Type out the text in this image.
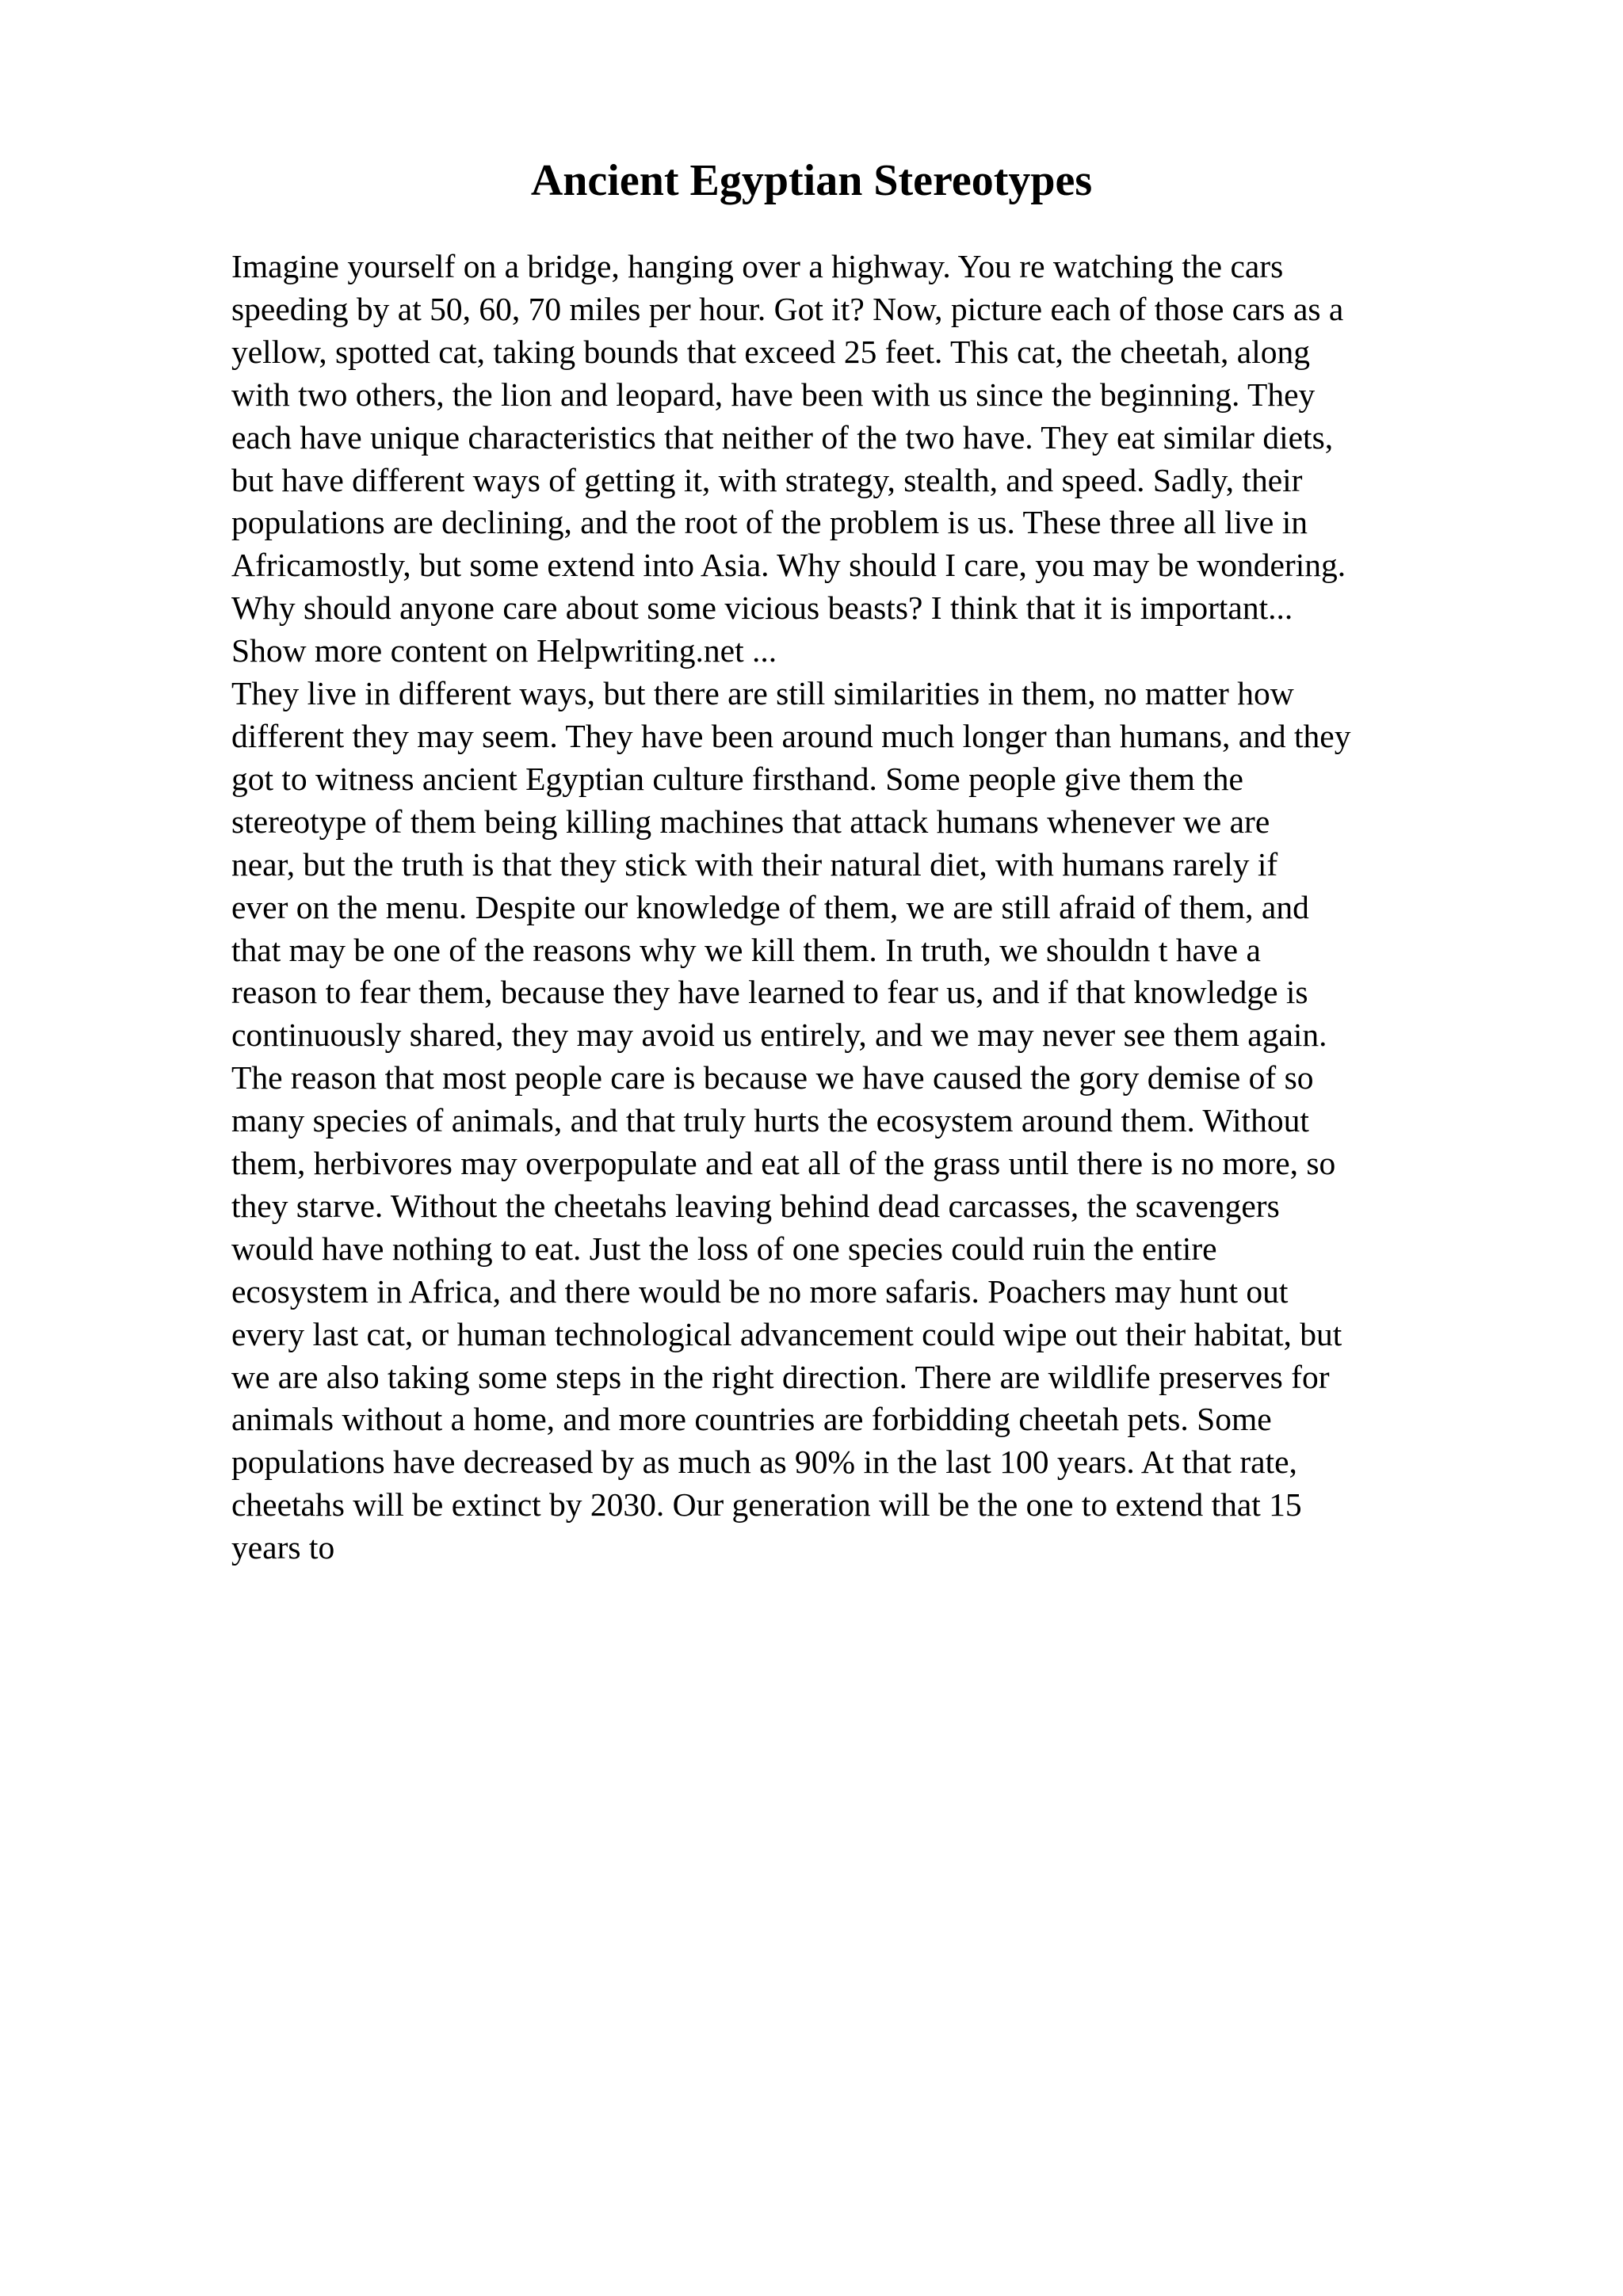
Ancient Egyptian Stereotypes
Imagine yourself on a bridge, hanging over a highway. You re watching the cars
speeding by at 50, 60, 70 miles per hour. Got it? Now, picture each of those cars as a
yellow, spotted cat, taking bounds that exceed 25 feet. This cat, the cheetah, along
with two others, the lion and leopard, have been with us since the beginning. They
each have unique characteristics that neither of the two have. They eat similar diets,
but have different ways of getting it, with strategy, stealth, and speed. Sadly, their
populations are declining, and the root of the problem is us. These three all live in
Africamostly, but some extend into Asia. Why should I care, you may be wondering.
Why should anyone care about some vicious beasts? I think that it is important...
Show more content on Helpwriting.net ...
They live in different ways, but there are still similarities in them, no matter how
different they may seem. They have been around much longer than humans, and they
got to witness ancient Egyptian culture firsthand. Some people give them the
stereotype of them being killing machines that attack humans whenever we are
near, but the truth is that they stick with their natural diet, with humans rarely if
ever on the menu. Despite our knowledge of them, we are still afraid of them, and
that may be one of the reasons why we kill them. In truth, we shouldn t have a
reason to fear them, because they have learned to fear us, and if that knowledge is
continuously shared, they may avoid us entirely, and we may never see them again.
The reason that most people care is because we have caused the gory demise of so
many species of animals, and that truly hurts the ecosystem around them. Without
them, herbivores may overpopulate and eat all of the grass until there is no more, so
they starve. Without the cheetahs leaving behind dead carcasses, the scavengers
would have nothing to eat. Just the loss of one species could ruin the entire
ecosystem in Africa, and there would be no more safaris. Poachers may hunt out
every last cat, or human technological advancement could wipe out their habitat, but
we are also taking some steps in the right direction. There are wildlife preserves for
animals without a home, and more countries are forbidding cheetah pets. Some
populations have decreased by as much as 90% in the last 100 years. At that rate,
cheetahs will be extinct by 2030. Our generation will be the one to extend that 15
years to
